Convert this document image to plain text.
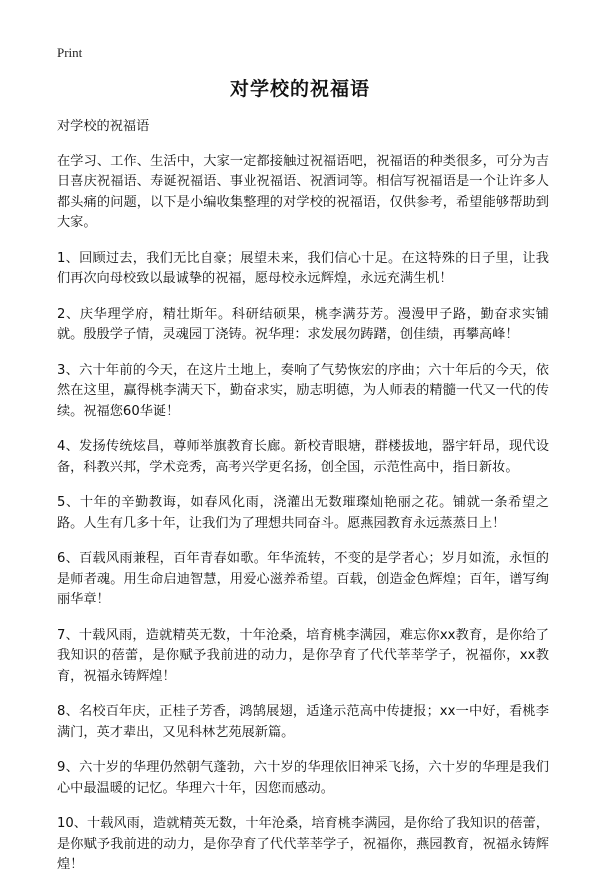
Print
对学校的祝福语

对学校的祝福语

在学习、工作、生活中，大家一定都接触过祝福语吧，祝福语的种类很多，可分为吉日喜庆祝福语、寿诞祝福语、事业祝福语、祝酒词等。相信写祝福语是一个让许多人都头痛的问题，以下是小编收集整理的对学校的祝福语，仅供参考，希望能够帮助到大家。

1、回顾过去，我们无比自豪；展望未来，我们信心十足。在这特殊的日子里，让我们再次向母校致以最诚挚的祝福，愿母校永远辉煌，永远充满生机！

2、庆华理学府，精壮斯年。科研结硕果，桃李满芬芳。漫漫甲子路，勤奋求实铺就。殷殷学子情，灵魂园丁浇铸。祝华理：求发展勿踌躇，创佳绩，再攀高峰！

3、六十年前的今天，在这片土地上，奏响了气势恢宏的序曲；六十年后的今天，依然在这里，赢得桃李满天下，勤奋求实，励志明德，为人师表的精髓一代又一代的传续。祝福您60华诞！

4、发扬传统炫昌，尊师举旗教育长廊。新校青眼塘，群楼拔地，器宇轩昂，现代设备，科教兴邦，学术竞秀，高考兴学更名扬，创全国，示范性高中，指日新妆。

5、十年的辛勤教诲，如春风化雨，浇灌出无数璀璨灿艳丽之花。铺就一条希望之路。人生有几多十年，让我们为了理想共同奋斗。愿燕园教育永远蒸蒸日上！

6、百载风雨兼程，百年青春如歌。年华流转，不变的是学者心；岁月如流，永恒的是师者魂。用生命启迪智慧，用爱心滋养希望。百载，创造金色辉煌；百年，谱写绚丽华章！

7、十载风雨，造就精英无数，十年沧桑，培育桃李满园，难忘你xx教育，是你给了我知识的蓓蕾，是你赋予我前进的动力，是你孕育了代代莘莘学子，祝福你，xx教育，祝福永铸辉煌！

8、名校百年庆，正桂子芳香，鸿鹄展翅，适逢示范高中传捷报；xx一中好，看桃李满门，英才辈出，又见科林艺苑展新篇。

9、六十岁的华理仍然朝气蓬勃，六十岁的华理依旧神采飞扬，六十岁的华理是我们心中最温暖的记忆。华理六十年，因您而感动。

10、十载风雨，造就精英无数，十年沧桑，培育桃李满园，是你给了我知识的蓓蕾，是你赋予我前进的动力，是你孕育了代代莘莘学子，祝福你，燕园教育，祝福永铸辉煌！
